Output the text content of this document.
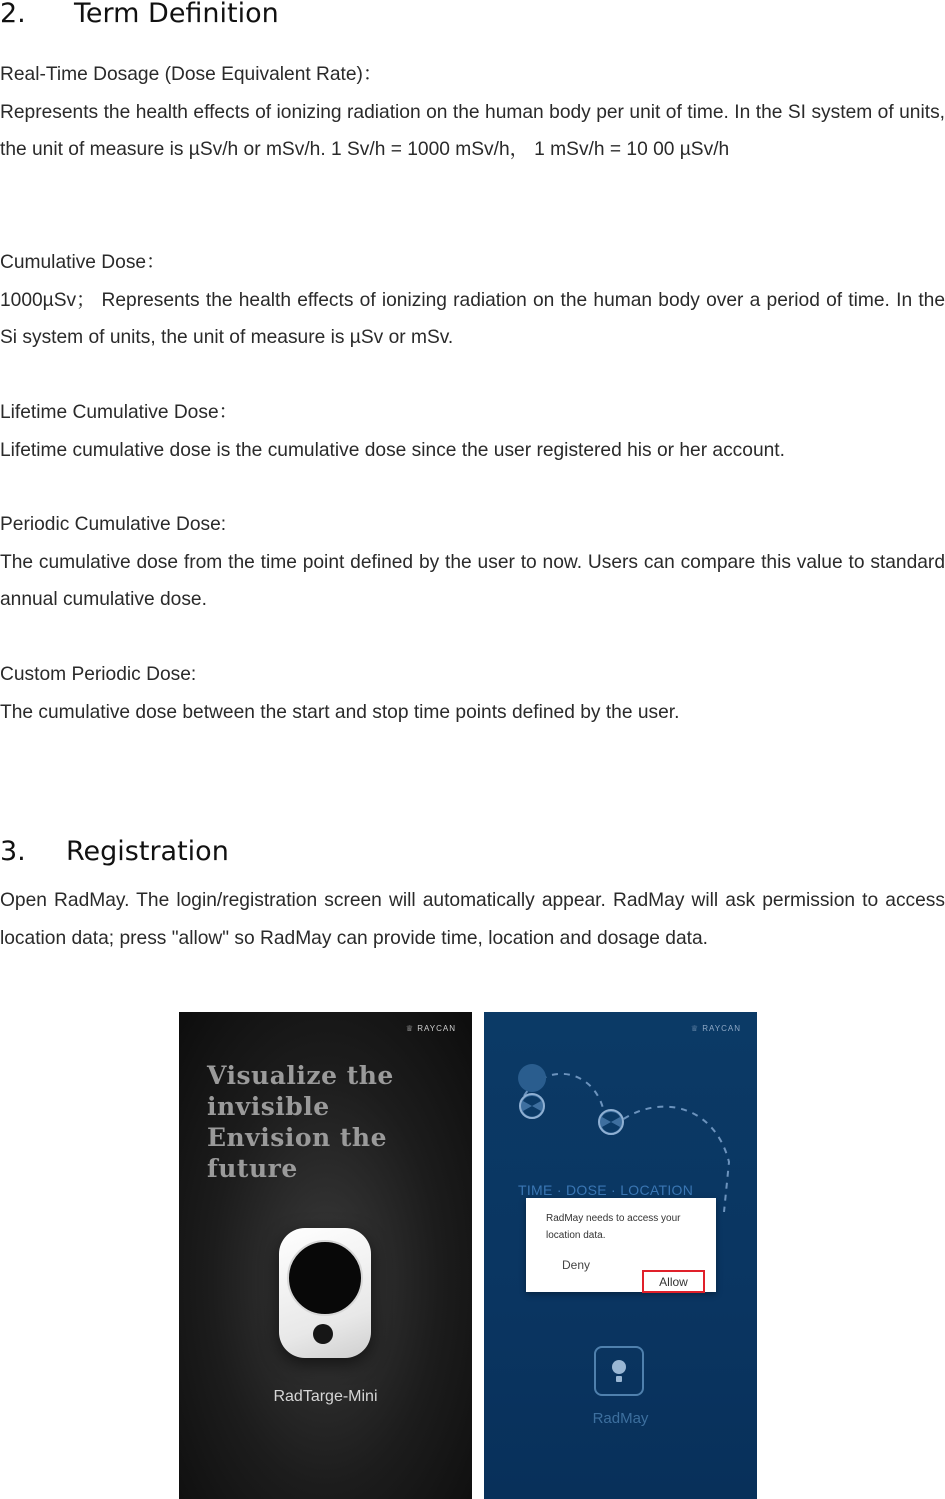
2. Term Definition

Real-Time Dosage (Dose Equivalent Rate)：

Represents the health effects of ionizing radiation on the human body per unit of time. In the SI system of units, the unit of measure is µSv/h or mSv/h. 1 Sv/h = 1000 mSv/h， 1 mSv/h = 10 00 µSv/h

Cumulative Dose：

1000µSv； Represents the health effects of ionizing radiation on the human body over a period of time. In the Si system of units, the unit of measure is µSv or mSv.

Lifetime Cumulative Dose：

Lifetime cumulative dose is the cumulative dose since the user registered his or her account.

Periodic Cumulative Dose:

The cumulative dose from the time point defined by the user to now. Users can compare this value to standard annual cumulative dose.

Custom Periodic Dose:

The cumulative dose between the start and stop time points defined by the user.

3. Registration
Open RadMay. The login/registration screen will automatically appear. RadMay will ask permission to access location data; press "allow" so RadMay can provide time, location and dosage data.
♕ RAYCAN

Visualize the
invisible
Envision the
future

RadTarge-Mini
♕ RAYCAN
TIME · DOSE · LOCATION

RadMay needs to access your location data.

Deny
RadMay
Allow
